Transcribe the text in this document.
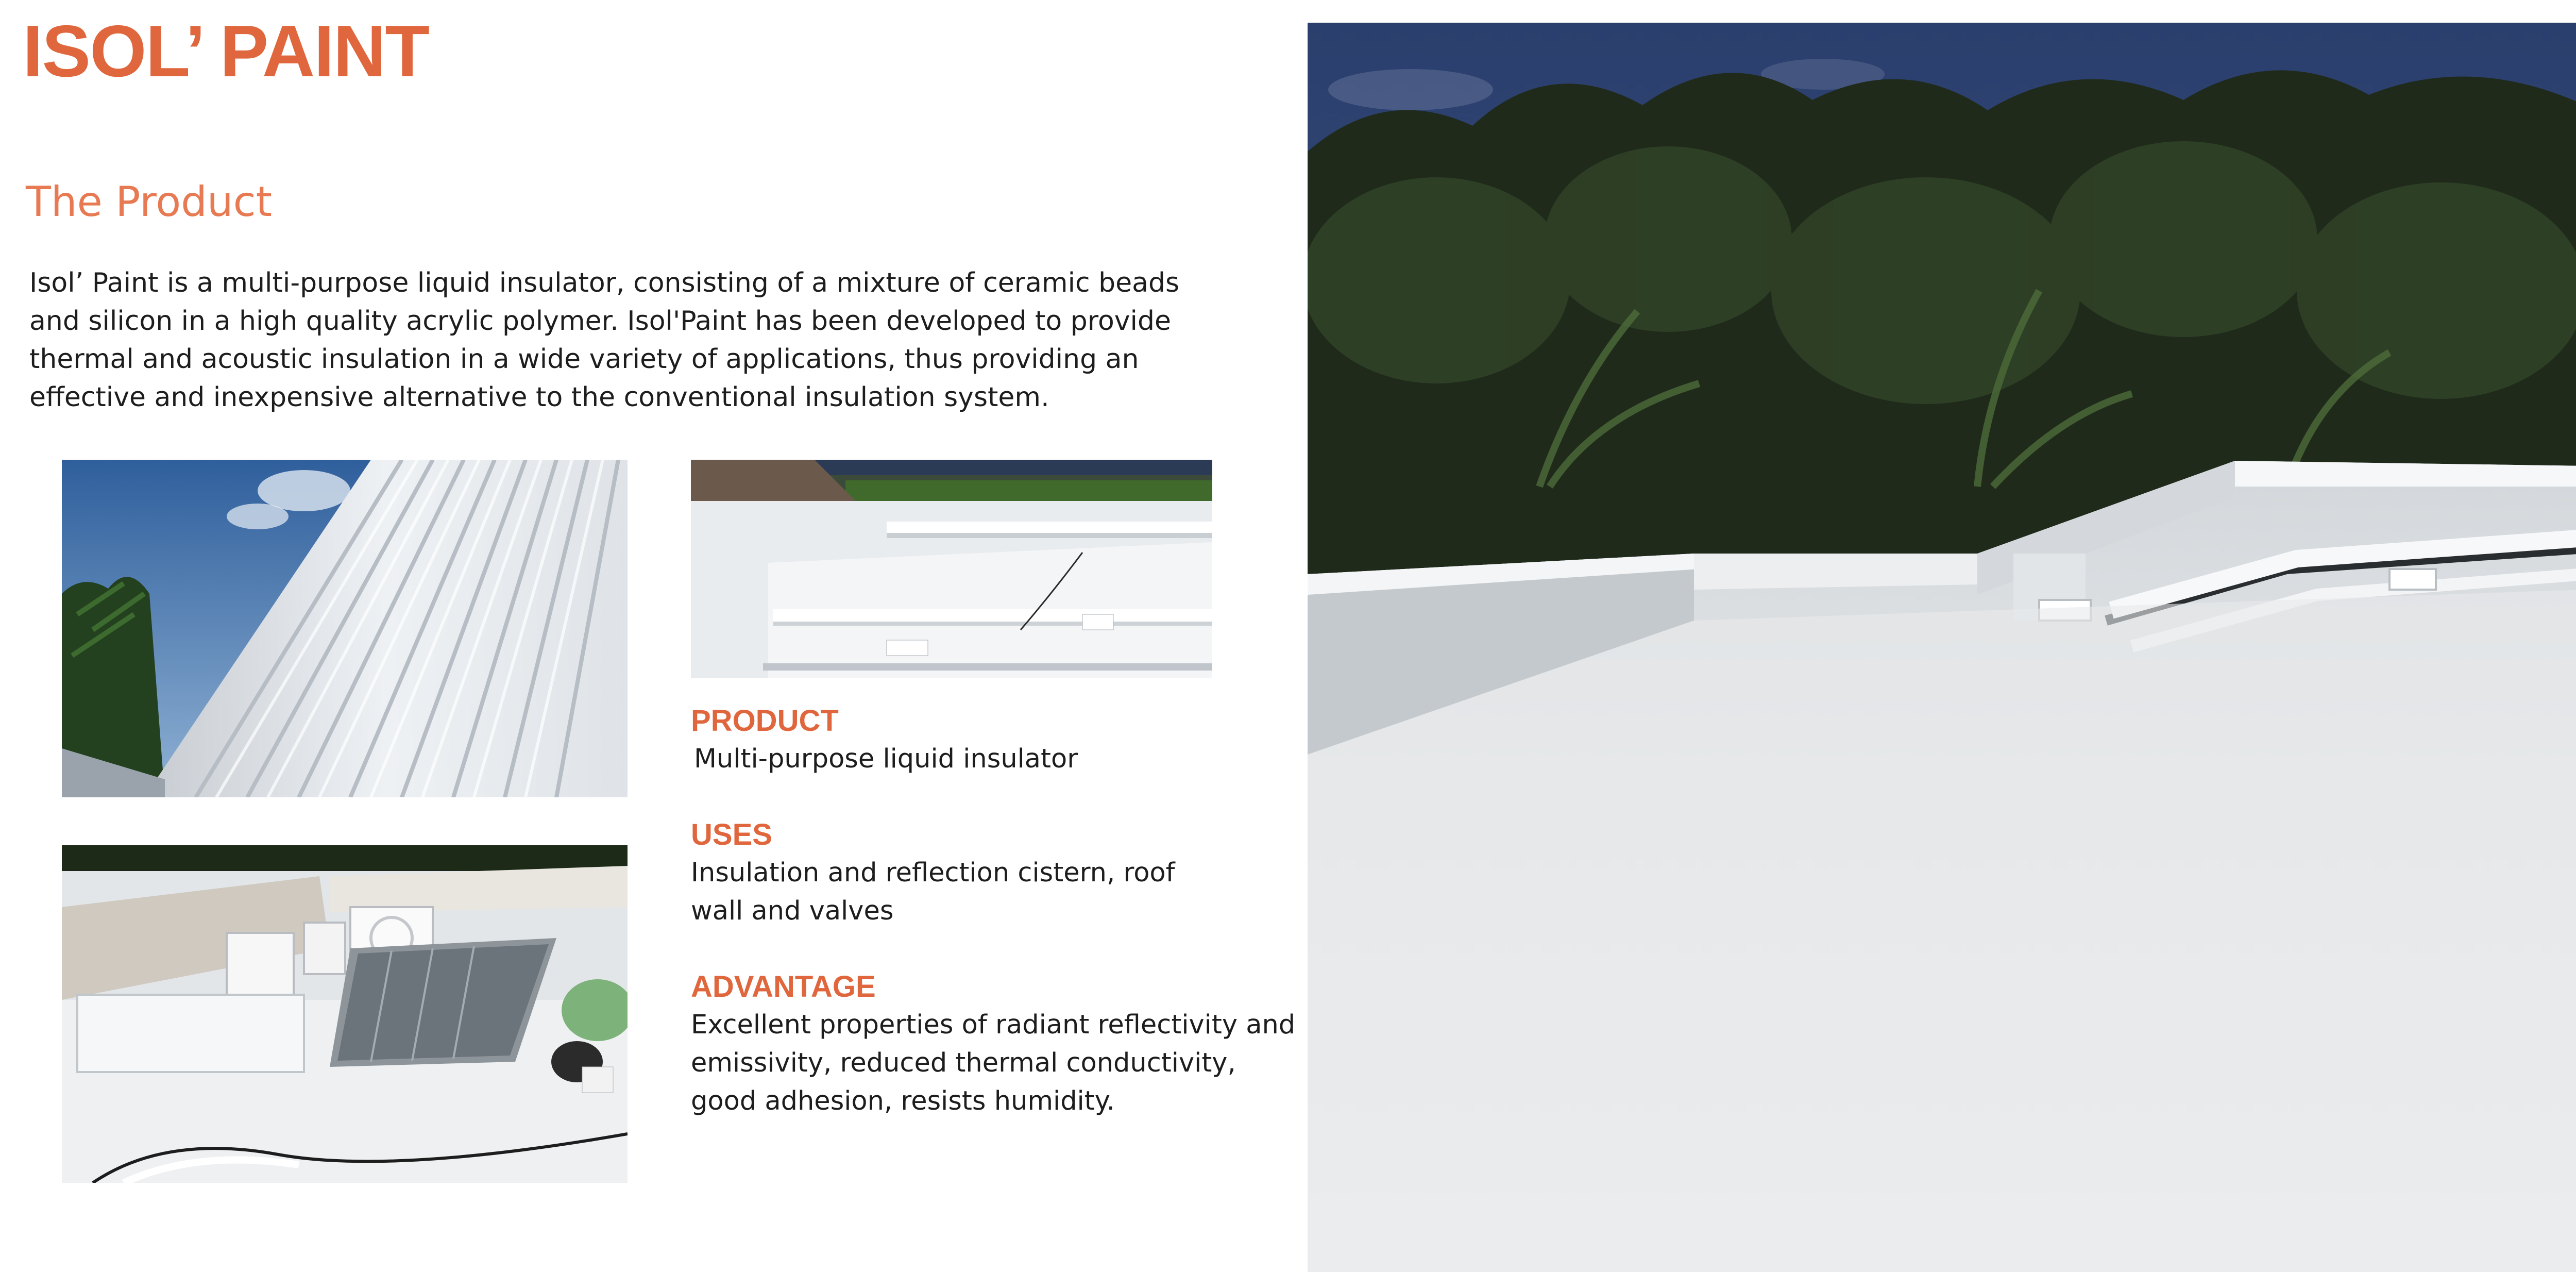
ISOL’ PAINT
The Product

Isol’ Paint is a multi-purpose liquid insulator, consisting of a mixture of ceramic beads and silicon in a high quality acrylic polymer. Isol'Paint has been developed to provide thermal and acoustic insulation in a wide variety of applications, thus providing an effective and inexpensive alternative to the conventional insulation system.

PRODUCT

Multi-purpose liquid insulator

USES

Insulation and reflection cistern, roof wall and valves

ADVANTAGE

Excellent properties of radiant reflectivity and emissivity, reduced thermal conductivity, good adhesion, resists humidity.
